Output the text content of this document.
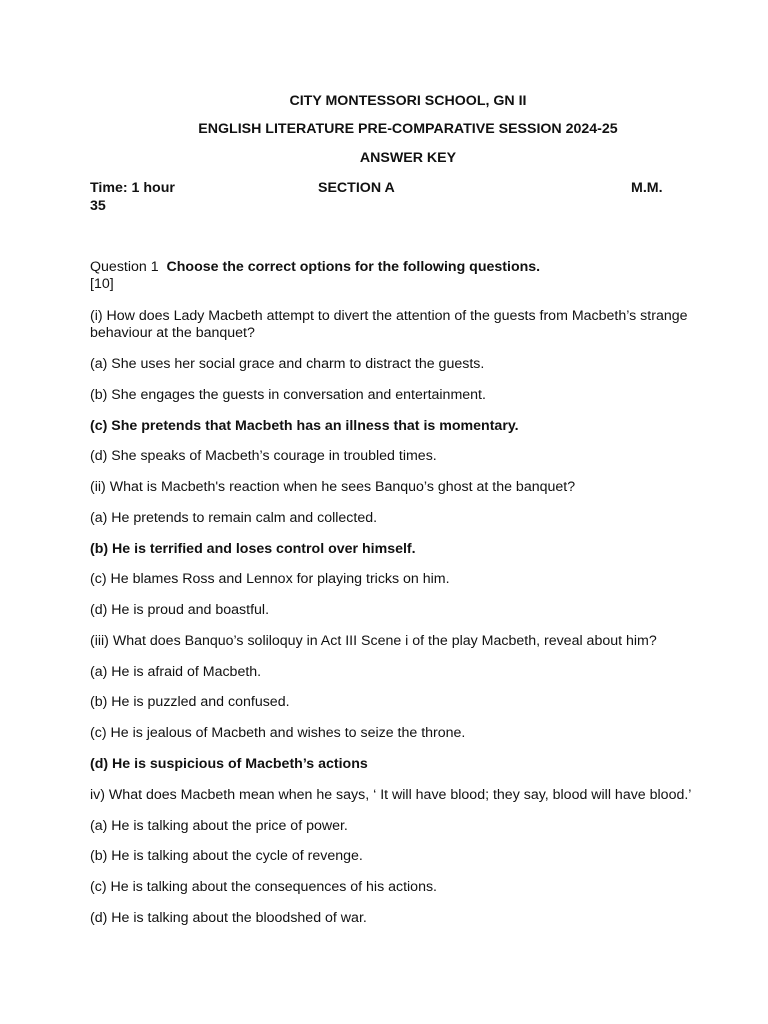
CITY MONTESSORI SCHOOL, GN II
ENGLISH LITERATURE PRE-COMPARATIVE SESSION 2024-25
ANSWER KEY
Time: 1 hour	SECTION A	M.M.
35
Question 1 Choose the correct options for the following questions.
[10]
(i) How does Lady Macbeth attempt to divert the attention of the guests from Macbeth’s strange
behaviour at the banquet?
(a) She uses her social grace and charm to distract the guests.
(b) She engages the guests in conversation and entertainment.
(c) She pretends that Macbeth has an illness that is momentary.
(d) She speaks of Macbeth’s courage in troubled times.
(ii) What is Macbeth's reaction when he sees Banquo’s ghost at the banquet?
(a) He pretends to remain calm and collected.
(b) He is terrified and loses control over himself.
(c) He blames Ross and Lennox for playing tricks on him.
(d) He is proud and boastful.
(iii) What does Banquo’s soliloquy in Act III Scene i of the play Macbeth, reveal about him?
(a) He is afraid of Macbeth.
(b) He is puzzled and confused.
(c) He is jealous of Macbeth and wishes to seize the throne.
(d) He is suspicious of Macbeth’s actions
iv) What does Macbeth mean when he says, ‘ It will have blood; they say, blood will have blood.’
(a) He is talking about the price of power.
(b) He is talking about the cycle of revenge.
(c) He is talking about the consequences of his actions.
(d) He is talking about the bloodshed of war.
